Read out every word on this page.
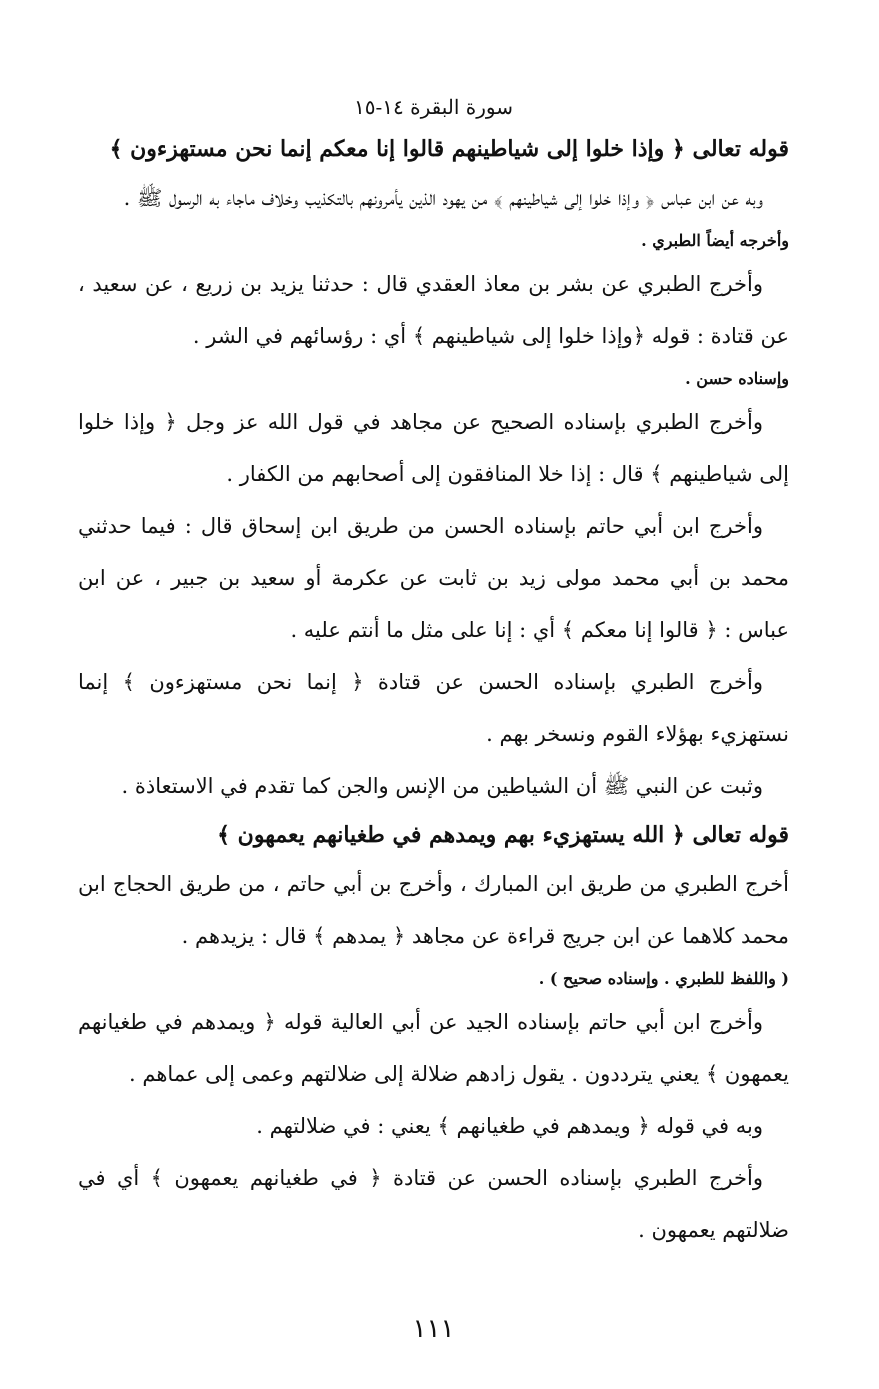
سورة البقرة ١٤-١٥

قوله تعالى ﴿ وإذا خلوا إلى شياطينهم قالوا إنا معكم إنما نحن مستهزءون ﴾

وبه عن ابن عباس ﴿ وإذا خلوا إلى شياطينهم ﴾ من يهود الذين يأمرونهم بالتكذيب وخلاف ماجاء به الرسول ﷺ .

وأخرجه أيضاً الطبري .

وأخرج الطبري عن بشر بن معاذ العقدي قال : حدثنا يزيد بن زريع ، عن سعيد ، عن قتادة : قوله ﴿وإذا خلوا إلى شياطينهم ﴾ أي : رؤسائهم في الشر .

وإسناده حسن .

وأخرج الطبري بإسناده الصحيح عن مجاهد في قول الله عز وجل ﴿ وإذا خلوا إلى شياطينهم ﴾ قال : إذا خلا المنافقون إلى أصحابهم من الكفار .

وأخرج ابن أبي حاتم بإسناده الحسن من طريق ابن إسحاق قال : فيما حدثني محمد بن أبي محمد مولى زيد بن ثابت عن عكرمة أو سعيد بن جبير ، عن ابن عباس : ﴿ قالوا إنا معكم ﴾ أي : إنا على مثل ما أنتم عليه .

وأخرج الطبري بإسناده الحسن عن قتادة ﴿ إنما نحن مستهزءون ﴾ إنما نستهزيء بهؤلاء القوم ونسخر بهم .

وثبت عن النبي ﷺ أن الشياطين من الإنس والجن كما تقدم في الاستعاذة .

قوله تعالى ﴿ الله يستهزيء بهم ويمدهم في طغيانهم يعمهون ﴾

أخرج الطبري من طريق ابن المبارك ، وأخرج بن أبي حاتم ، من طريق الحجاج ابن محمد كلاهما عن ابن جريج قراءة عن مجاهد ﴿ يمدهم ﴾ قال : يزيدهم .

( واللفظ للطبري . وإسناده صحيح ) .

وأخرج ابن أبي حاتم بإسناده الجيد عن أبي العالية قوله ﴿ ويمدهم في طغيانهم يعمهون ﴾ يعني يترددون . يقول زادهم ضلالة إلى ضلالتهم وعمى إلى عماهم .

وبه في قوله ﴿ ويمدهم في طغيانهم ﴾ يعني : في ضلالتهم .

وأخرج الطبري بإسناده الحسن عن قتادة ﴿ في طغيانهم يعمهون ﴾ أي في ضلالتهم يعمهون .

١١١
